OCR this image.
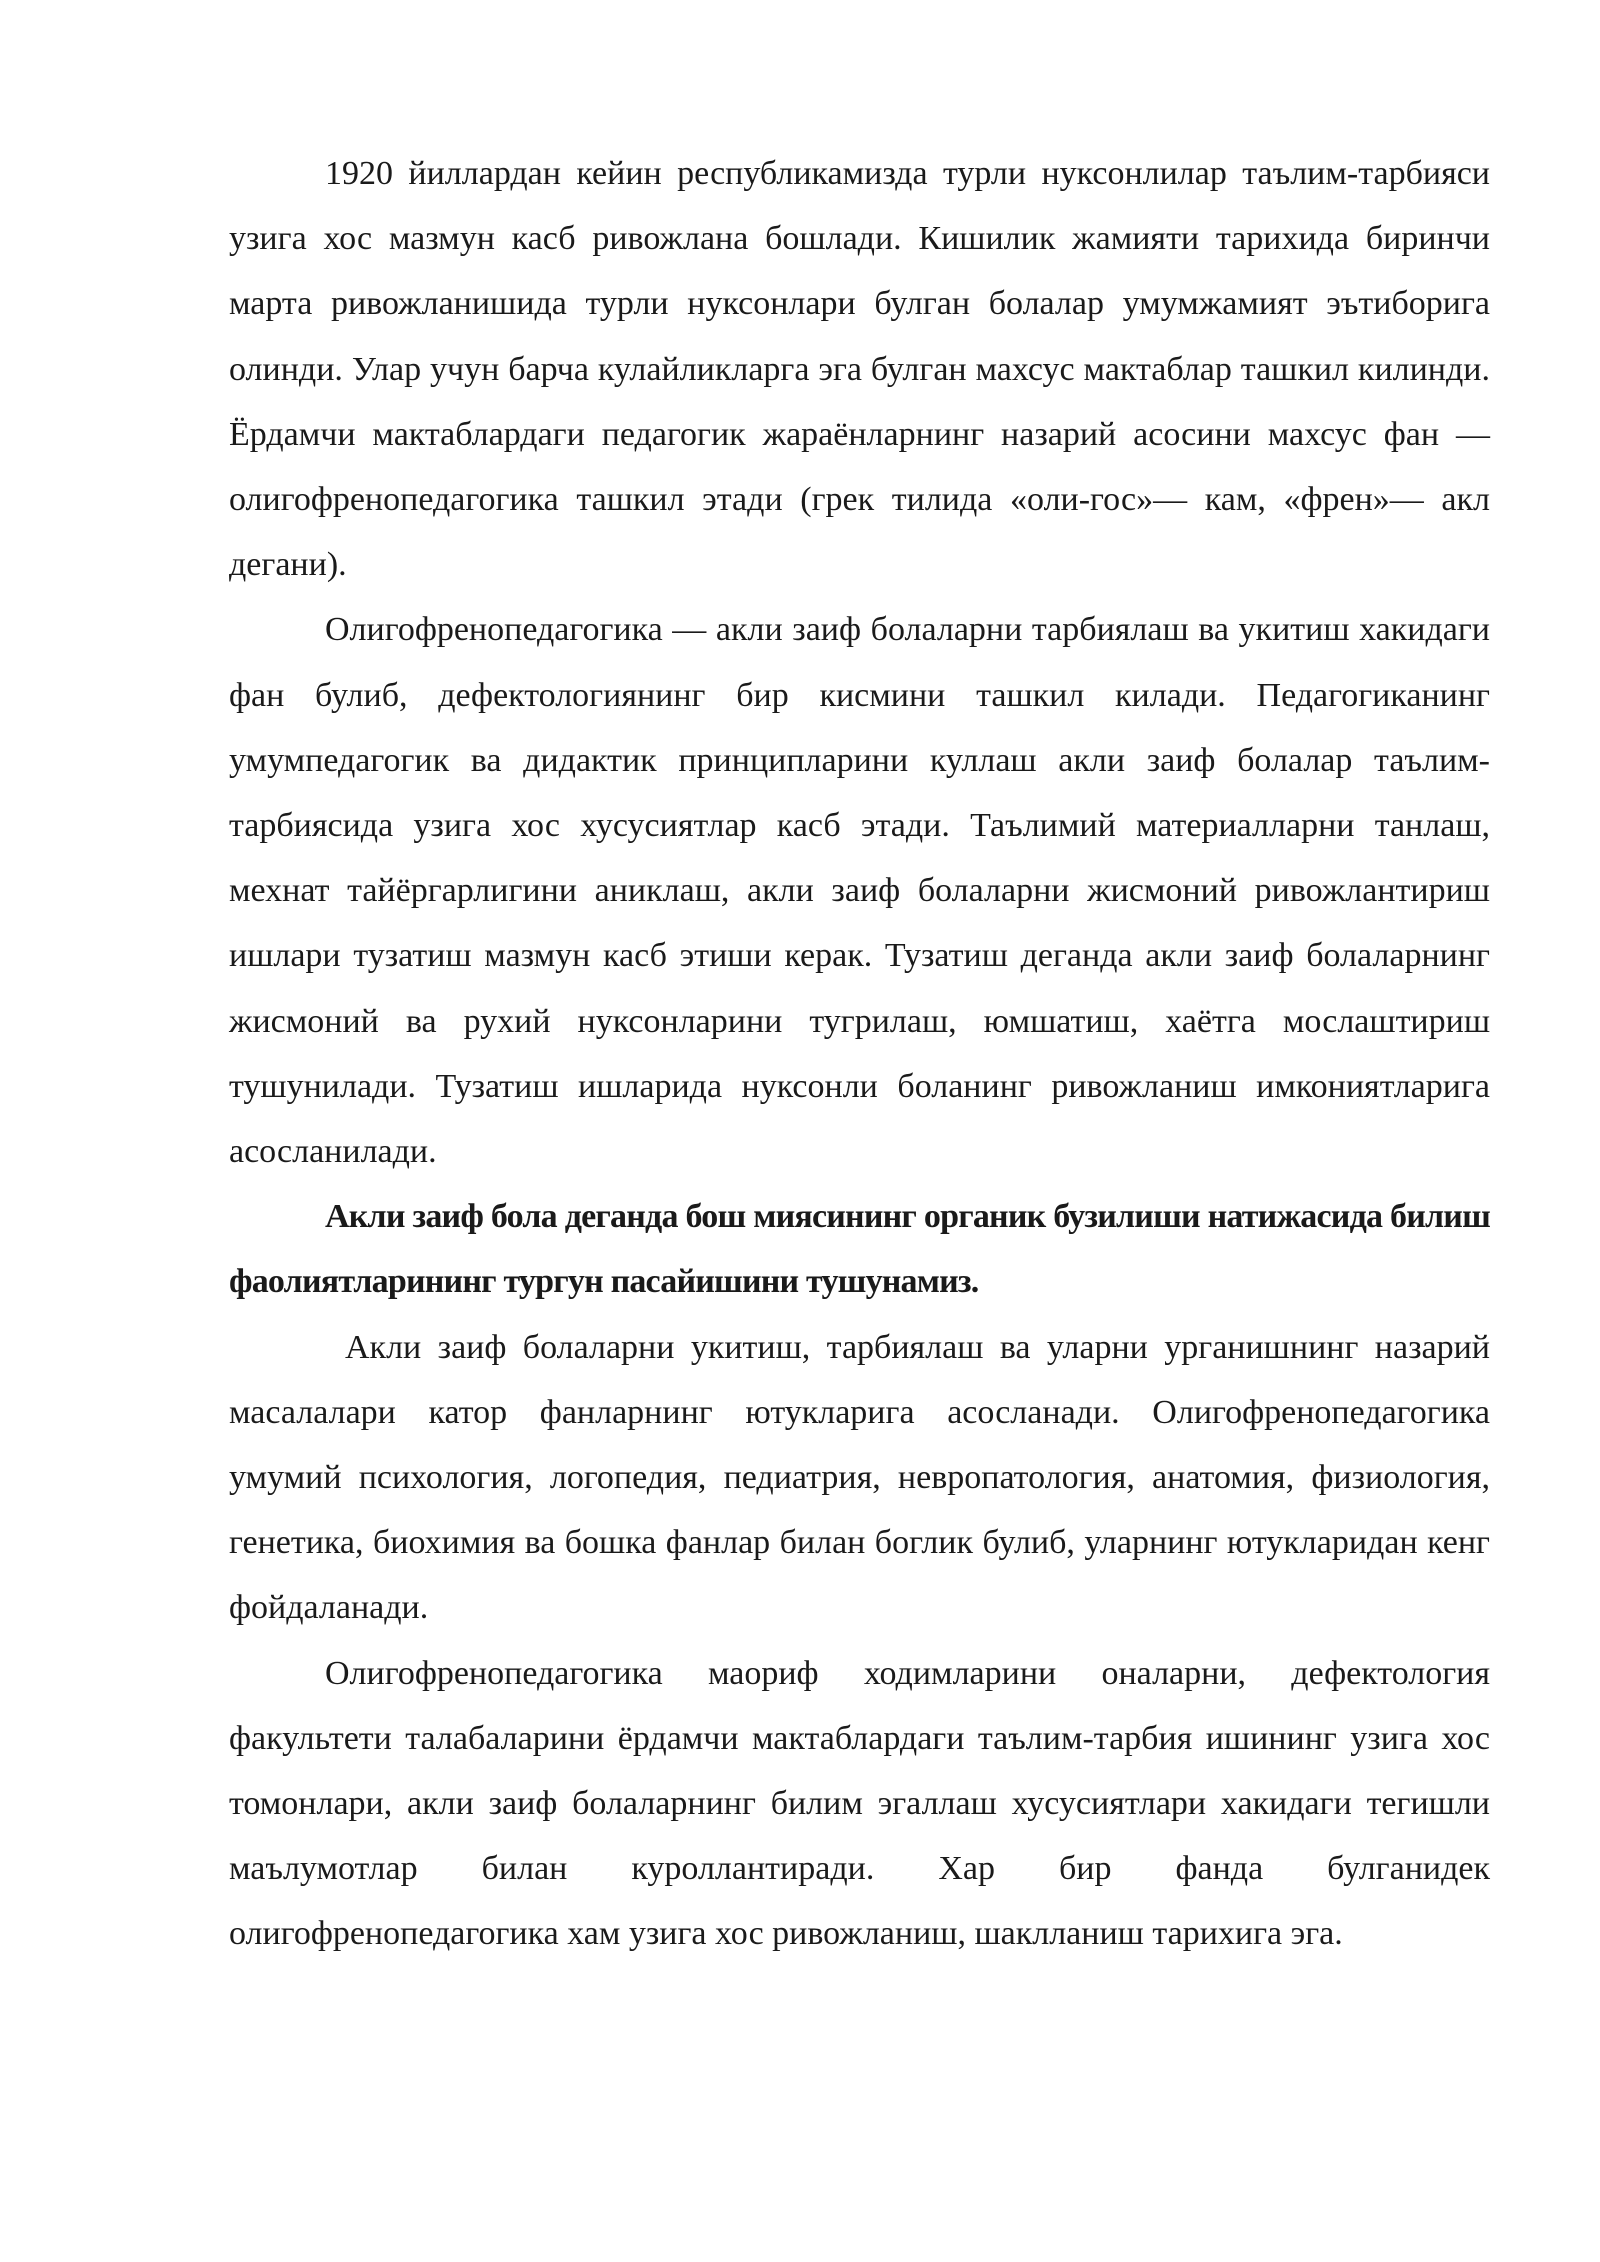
1920 йиллардан кейин республикамизда турли нуксонлилар таълим-тарбияси узига хос мазмун касб ривожлана бошлади. Кишилик жамияти тарихида биринчи марта ривожланишида турли нуксонлари булган болалар умумжамият эътиборига олинди. Улар учун барча кулайликларга эга булган махсус мактаблар ташкил килинди. Ёрдамчи мактаблардаги педагогик жараёнларнинг назарий асосини махсус фан — олигофренопедагогика ташкил этади (грек тилида «оли-гос»— кам, «френ»— акл дегани).

Олигофренопедагогика — акли заиф болаларни тарбиялаш ва укитиш хакидаги фан булиб, дефектологиянинг бир кисмини ташкил килади. Педагогиканинг умумпедагогик ва дидактик принципларини куллаш акли заиф болалар таълим-тарбиясида узига хос хусусиятлар касб этади. Таълимий материалларни танлаш, мехнат тайёргарлигини аниклаш, акли заиф болаларни жисмоний ривожлантириш ишлари тузатиш мазмун касб этиши керак. Тузатиш деганда акли заиф болаларнинг жисмоний ва рухий нуксонларини тугрилаш, юмшатиш, хаётга мослаштириш тушунилади. Тузатиш ишларида нуксонли боланинг ривожланиш имкониятларига асосланилади.

Акли заиф бола деганда бош миясининг органик бузилиши натижасида билиш фаолиятларининг тургун пасайишини тушунамиз.

Акли заиф болаларни укитиш, тарбиялаш ва уларни урганишнинг назарий масалалари катор фанларнинг ютукларига асосланади. Олигофренопедагогика умумий психология, логопедия, педиатрия, невропатология, анатомия, физиология, генетика, биохимия ва бошка фанлар билан боглик булиб, уларнинг ютукларидан кенг фойдаланади.

Олигофренопедагогика маориф ходимларини оналарни, дефектология факультети талабаларини ёрдамчи мактаблардаги таълим-тарбия ишининг узига хос томонлари, акли заиф болаларнинг билим эгаллаш хусусиятлари хакидаги тегишли маълумотлар билан куроллантиради. Хар бир фанда булганидек олигофренопедагогика хам узига хос ривожланиш, шаклланиш тарихига эга.
